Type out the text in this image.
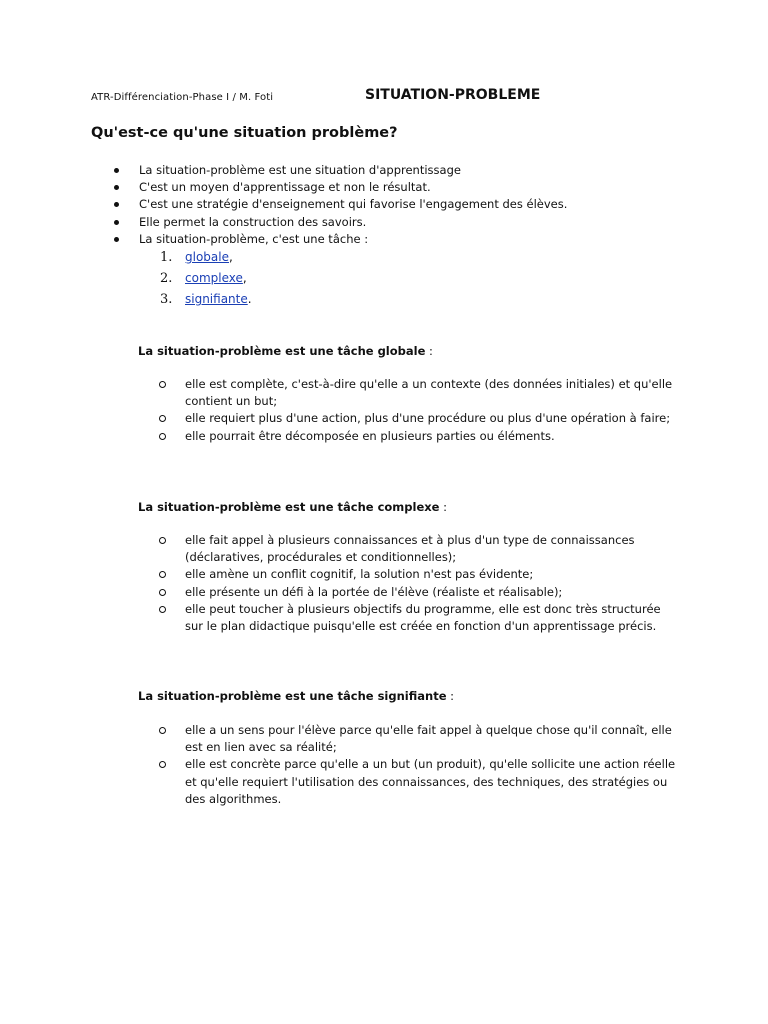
ATR-Différenciation-Phase I / M. Foti	SITUATION-PROBLEME
Qu'est-ce qu'une situation problème?
La situation-problème est une situation d'apprentissage
C'est un moyen d'apprentissage et non le résultat.
C'est une stratégie d'enseignement qui favorise l'engagement des élèves.
Elle permet la construction des savoirs.
La situation-problème, c'est une tâche :
1. globale,
2. complexe,
3. signifiante.
La situation-problème est une tâche globale :
elle est complète, c'est-à-dire qu'elle a un contexte (des données initiales) et qu'elle contient un but;
elle requiert plus d'une action, plus d'une procédure ou plus d'une opération à faire;
elle pourrait être décomposée en plusieurs parties ou éléments.
La situation-problème est une tâche complexe :
elle fait appel à plusieurs connaissances et à plus d'un type de connaissances (déclaratives, procédurales et conditionnelles);
elle amène un conflit cognitif, la solution n'est pas évidente;
elle présente un défi à la portée de l'élève (réaliste et réalisable);
elle peut toucher à plusieurs objectifs du programme, elle est donc très structurée sur le plan didactique puisqu'elle est créée en fonction d'un apprentissage précis.
La situation-problème est une tâche signifiante :
elle a un sens pour l'élève parce qu'elle fait appel à quelque chose qu'il connaît, elle est en lien avec sa réalité;
elle est concrète parce qu'elle a un but (un produit), qu'elle sollicite une action réelle et qu'elle requiert l'utilisation des connaissances, des techniques, des stratégies ou des algorithmes.
